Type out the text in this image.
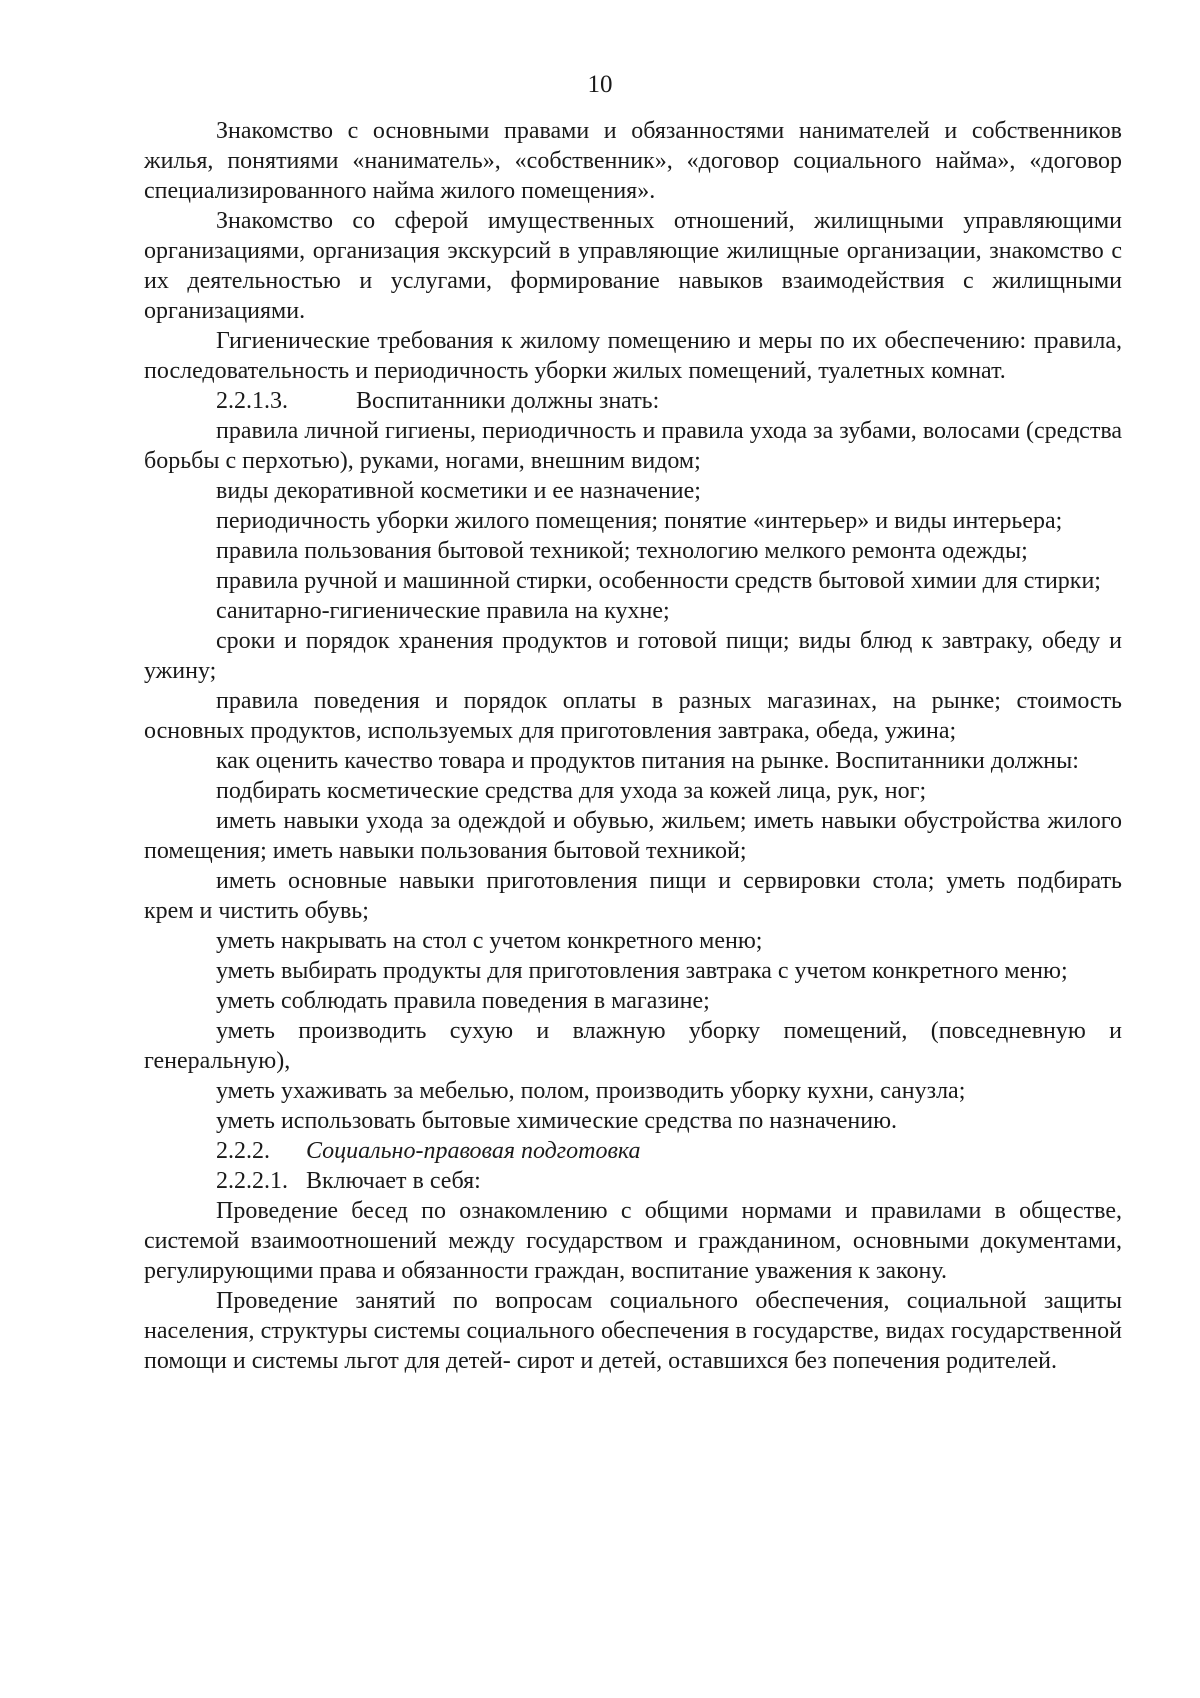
10

Знакомство с основными правами и обязанностями нанимателей и собственников жилья, понятиями «наниматель», «собственник», «договор социального найма», «договор специализированного найма жилого помещения».

Знакомство со сферой имущественных отношений, жилищными управляющими организациями, организация экскурсий в управляющие жилищные организации, знакомство с их деятельностью и услугами, формирование навыков взаимодействия с жилищными организациями.

Гигиенические требования к жилому помещению и меры по их обеспечению: правила, последовательность и периодичность уборки жилых помещений, туалетных комнат.

2.2.1.3.	Воспитанники должны знать:

правила личной гигиены, периодичность и правила ухода за зубами, волосами (средства борьбы с перхотью), руками, ногами, внешним видом;

виды декоративной косметики и ее назначение;

периодичность уборки жилого помещения; понятие «интерьер» и виды интерьера;

правила пользования бытовой техникой; технологию мелкого ремонта одежды;

правила ручной и машинной стирки, особенности средств бытовой химии для стирки;

санитарно-гигиенические правила на кухне;

сроки и порядок хранения продуктов и готовой пищи; виды блюд к завтраку, обеду и ужину;

правила поведения и порядок оплаты в разных магазинах, на рынке; стоимость основных продуктов, используемых для приготовления завтрака, обеда, ужина;

как оценить качество товара и продуктов питания на рынке. Воспитанники должны:

подбирать косметические средства для ухода за кожей лица, рук, ног;

иметь навыки ухода за одеждой и обувью, жильем; иметь навыки обустройства жилого помещения; иметь навыки пользования бытовой техникой;

иметь основные навыки приготовления пищи и сервировки стола; уметь подбирать крем и чистить обувь;

уметь накрывать на стол с учетом конкретного меню;

уметь выбирать продукты для приготовления завтрака с учетом конкретного меню;

уметь соблюдать правила поведения в магазине;

уметь производить сухую и влажную уборку помещений, (повседневную и генеральную),

уметь ухаживать за мебелью, полом, производить уборку кухни, санузла;

уметь использовать бытовые химические средства по назначению.

2.2.2. Социально-правовая подготовка

2.2.2.1. Включает в себя:

Проведение бесед по ознакомлению с общими нормами и правилами в обществе, системой взаимоотношений между государством и гражданином, основными документами, регулирующими права и обязанности граждан, воспитание уважения к закону.

Проведение занятий по вопросам социального обеспечения, социальной защиты населения, структуры системы социального обеспечения в государстве, видах государственной помощи и системы льгот для детей- сирот и детей, оставшихся без попечения родителей.
